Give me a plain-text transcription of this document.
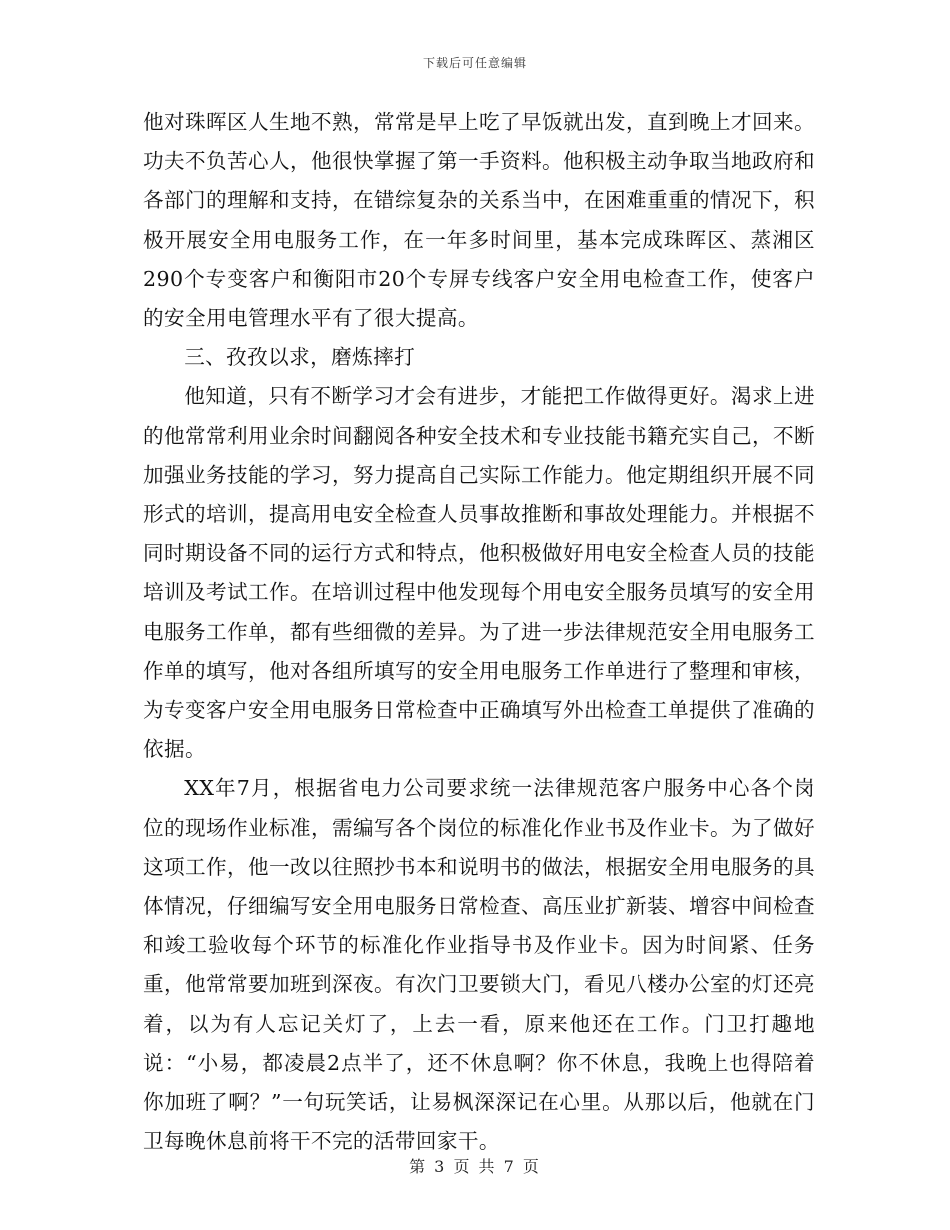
下载后可任意编辑

他对珠晖区人生地不熟，常常是早上吃了早饭就出发，直到晚上才回来。功夫不负苦心人，他很快掌握了第一手资料。他积极主动争取当地政府和各部门的理解和支持，在错综复杂的关系当中，在困难重重的情况下，积极开展安全用电服务工作，在一年多时间里，基本完成珠晖区、蒸湘区290个专变客户和衡阳市20个专屏专线客户安全用电检查工作，使客户的安全用电管理水平有了很大提高。

三、孜孜以求，磨炼摔打

他知道，只有不断学习才会有进步，才能把工作做得更好。渴求上进的他常常利用业余时间翻阅各种安全技术和专业技能书籍充实自己，不断加强业务技能的学习，努力提高自己实际工作能力。他定期组织开展不同形式的培训，提高用电安全检查人员事故推断和事故处理能力。并根据不同时期设备不同的运行方式和特点，他积极做好用电安全检查人员的技能培训及考试工作。在培训过程中他发现每个用电安全服务员填写的安全用电服务工作单，都有些细微的差异。为了进一步法律规范安全用电服务工作单的填写，他对各组所填写的安全用电服务工作单进行了整理和审核，为专变客户安全用电服务日常检查中正确填写外出检查工单提供了准确的依据。

XX年7月，根据省电力公司要求统一法律规范客户服务中心各个岗位的现场作业标准，需编写各个岗位的标准化作业书及作业卡。为了做好这项工作，他一改以往照抄书本和说明书的做法，根据安全用电服务的具体情况，仔细编写安全用电服务日常检查、高压业扩新装、增容中间检查和竣工验收每个环节的标准化作业指导书及作业卡。因为时间紧、任务重，他常常要加班到深夜。有次门卫要锁大门，看见八楼办公室的灯还亮着，以为有人忘记关灯了，上去一看，原来他还在工作。门卫打趣地说：“小易，都凌晨2点半了，还不休息啊？你不休息，我晚上也得陪着你加班了啊？”一句玩笑话，让易枫深深记在心里。从那以后，他就在门卫每晚休息前将干不完的活带回家干。

第 3 页 共 7 页
